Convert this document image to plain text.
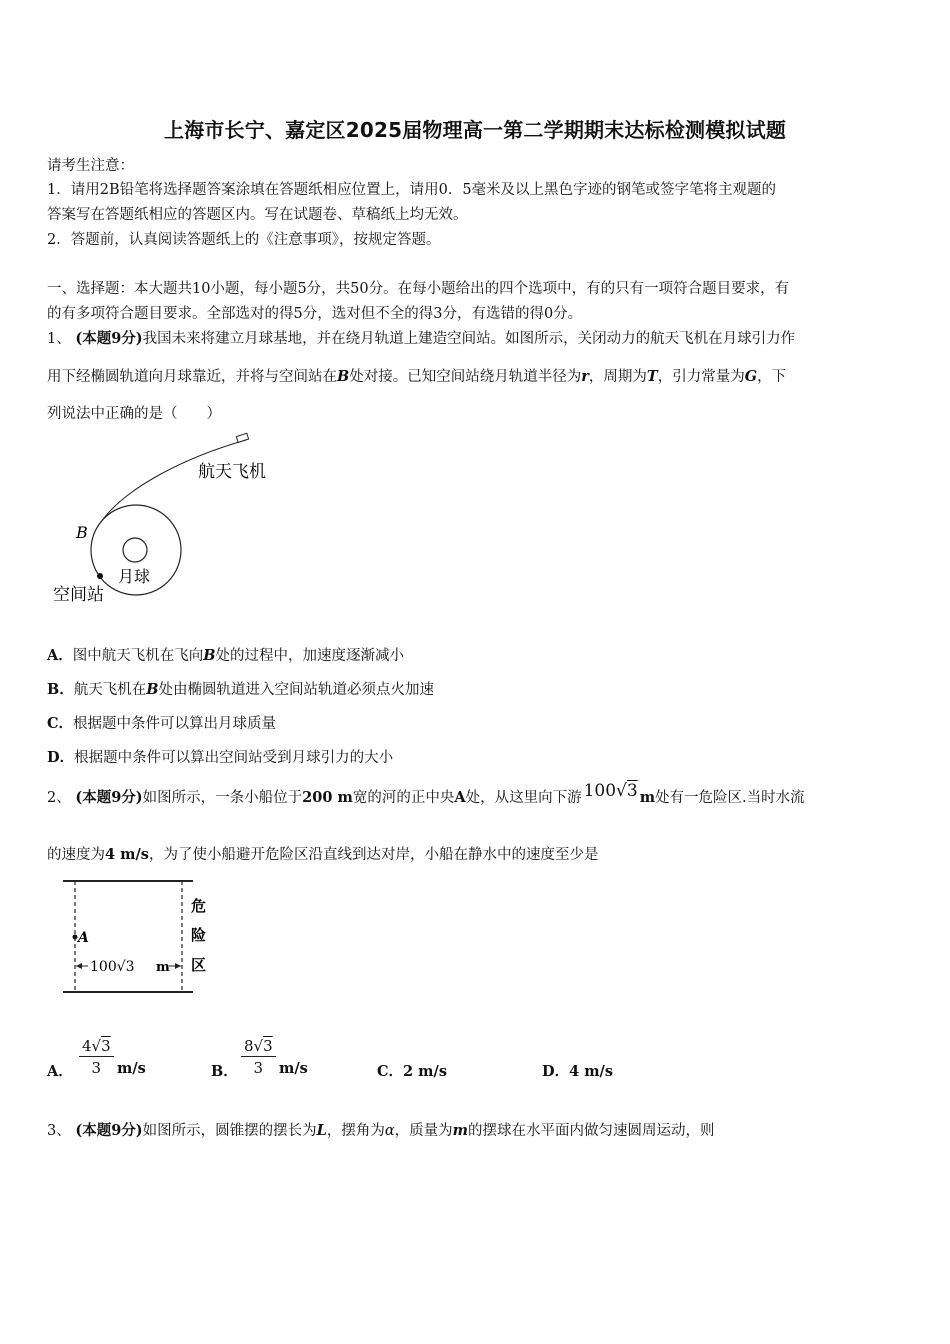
上海市长宁、嘉定区2025届物理高一第二学期期末达标检测模拟试题
请考生注意：
1．请用2B铅笔将选择题答案涂填在答题纸相应位置上，请用0．5毫米及以上黑色字迹的钢笔或签字笔将主观题的
答案写在答题纸相应的答题区内。写在试题卷、草稿纸上均无效。
2．答题前，认真阅读答题纸上的《注意事项》，按规定答题。
一、选择题：本大题共10小题，每小题5分，共50分。在每小题给出的四个选项中，有的只有一项符合题目要求，有
的有多项符合题目要求。全部选对的得5分，选对但不全的得3分，有选错的得0分。
1、 (本题9分)我国未来将建立月球基地，并在绕月轨道上建造空间站。如图所示，关闭动力的航天飞机在月球引力作
用下经椭圆轨道向月球靠近，并将与空间站在B处对接。已知空间站绕月轨道半径为r，周期为T，引力常量为G，下
列说法中正确的是（　　）
航天飞机
B
月球
空间站
A．图中航天飞机在飞向B处的过程中，加速度逐渐减小
B．航天飞机在B处由椭圆轨道进入空间站轨道必须点火加速
C．根据题中条件可以算出月球质量
D．根据题中条件可以算出空间站受到月球引力的大小
2、 (本题9分)如图所示，一条小船位于200 m宽的河的正中央A处，从这里向下游 100√3 m处有一危险区.当时水流
的速度为4 m/s，为了使小船避开危险区沿直线到达对岸，小船在静水中的速度至少是
A
100√3 m
危
险
区
A． $\frac{4√3}{3} m/s$	B． $\frac{8√3}{3} m/s$	C．2 m/s	D．4 m/s
3、 (本题9分)如图所示，圆锥摆的摆长为L，摆角为α，质量为m的摆球在水平面内做匀速圆周运动，则
